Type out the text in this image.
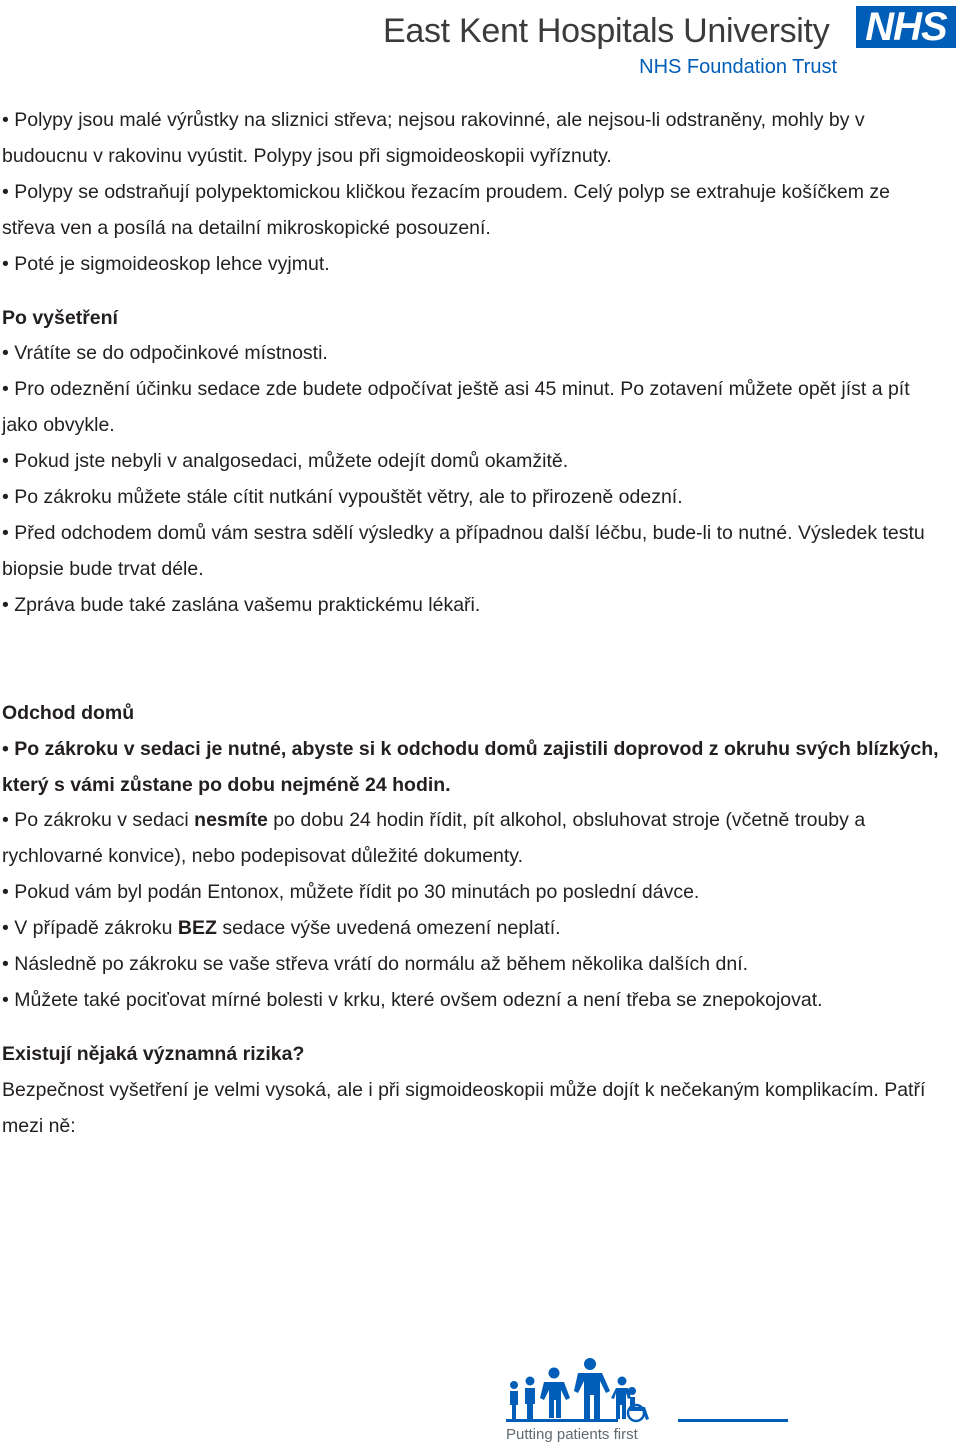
East Kent Hospitals University
NHS Foundation Trust
NHS

• Polypy jsou malé výrůstky na sliznici střeva; nejsou rakovinné, ale nejsou-li odstraněny, mohly by v budoucnu v rakovinu vyústit. Polypy jsou při sigmoideoskopii vyříznuty.

• Polypy se odstraňují polypektomickou kličkou řezacím proudem. Celý polyp se extrahuje košíčkem ze střeva ven a posílá na detailní mikroskopické posouzení.

• Poté je sigmoideoskop lehce vyjmut.

Po vyšetření

• Vrátíte se do odpočinkové místnosti.

• Pro odeznění účinku sedace zde budete odpočívat ještě asi 45 minut. Po zotavení můžete opět jíst a pít jako obvykle.

• Pokud jste nebyli v analgosedaci, můžete odejít domů okamžitě.

• Po zákroku můžete stále cítit nutkání vypouštět větry, ale to přirozeně odezní.

• Před odchodem domů vám sestra sdělí výsledky a případnou další léčbu, bude-li to nutné. Výsledek testu biopsie bude trvat déle.

• Zpráva bude také zaslána vašemu praktickému lékaři.

Odchod domů

• Po zákroku v sedaci je nutné, abyste si k odchodu domů zajistili doprovod z okruhu svých blízkých, který s vámi zůstane po dobu nejméně 24 hodin.

• Po zákroku v sedaci nesmíte po dobu 24 hodin řídit, pít alkohol, obsluhovat stroje (včetně trouby a rychlovarné konvice), nebo podepisovat důležité dokumenty.

• Pokud vám byl podán Entonox, můžete řídit po 30 minutách po poslední dávce.

• V případě zákroku BEZ sedace výše uvedená omezení neplatí.

• Následně po zákroku se vaše střeva vrátí do normálu až během několika dalších dní.

• Můžete také pociťovat mírné bolesti v krku, které ovšem odezní a není třeba se znepokojovat.

Existují nějaká významná rizika?

Bezpečnost vyšetření je velmi vysoká, ale i při sigmoideoskopii může dojít k nečekaným komplikacím. Patří mezi ně:

Putting patients first
